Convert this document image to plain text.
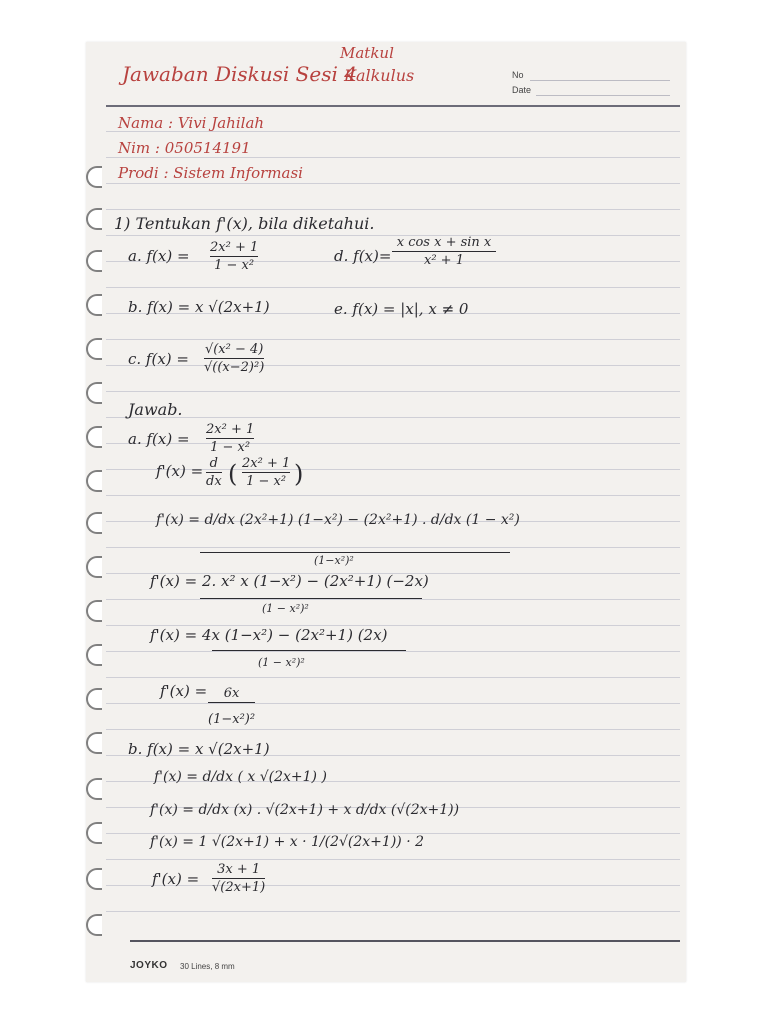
Jawaban Diskusi Sesi 4
Matkul
Kalkulus	No
Date
Nama : Vivi Jahilah
Nim : 050514191
Prodi : Sistem Informasi
1) Tentukan f'(x), bila diketahui.
a. f(x) = 2x² + 1
1 − x²
d. f(x)=
x cos x + sin x
x² + 1
b. f(x) = x √(2x+1)	e. f(x) = |x|, x ≠ 0
c. f(x) =
√(x² − 4)
√((x−2)²)
Jawab.
a. f(x) =
2x² + 1
1 − x²
f'(x) = d
dx ( 2x² + 1
1 − x² )
f'(x) = d/dx (2x²+1) (1−x²) − (2x²+1) . d/dx (1 − x²)
(1−x²)²
f'(x) = 2. x² x (1−x²) − (2x²+1) (−2x)
(1 − x²)²
f'(x) = 4x (1−x²) − (2x²+1) (2x)
(1 − x²)²
f'(x) = 6x
(1−x²)²
b. f(x) = x √(2x+1)
f'(x) = d/dx ( x √(2x+1) )
f'(x) = d/dx (x) . √(2x+1) + x d/dx (√(2x+1))
f'(x) = 1 √(2x+1) + x · 1/(2√(2x+1)) · 2
f'(x) =
3x + 1
√(2x+1)
JOYKO 30 Lines, 8 mm
